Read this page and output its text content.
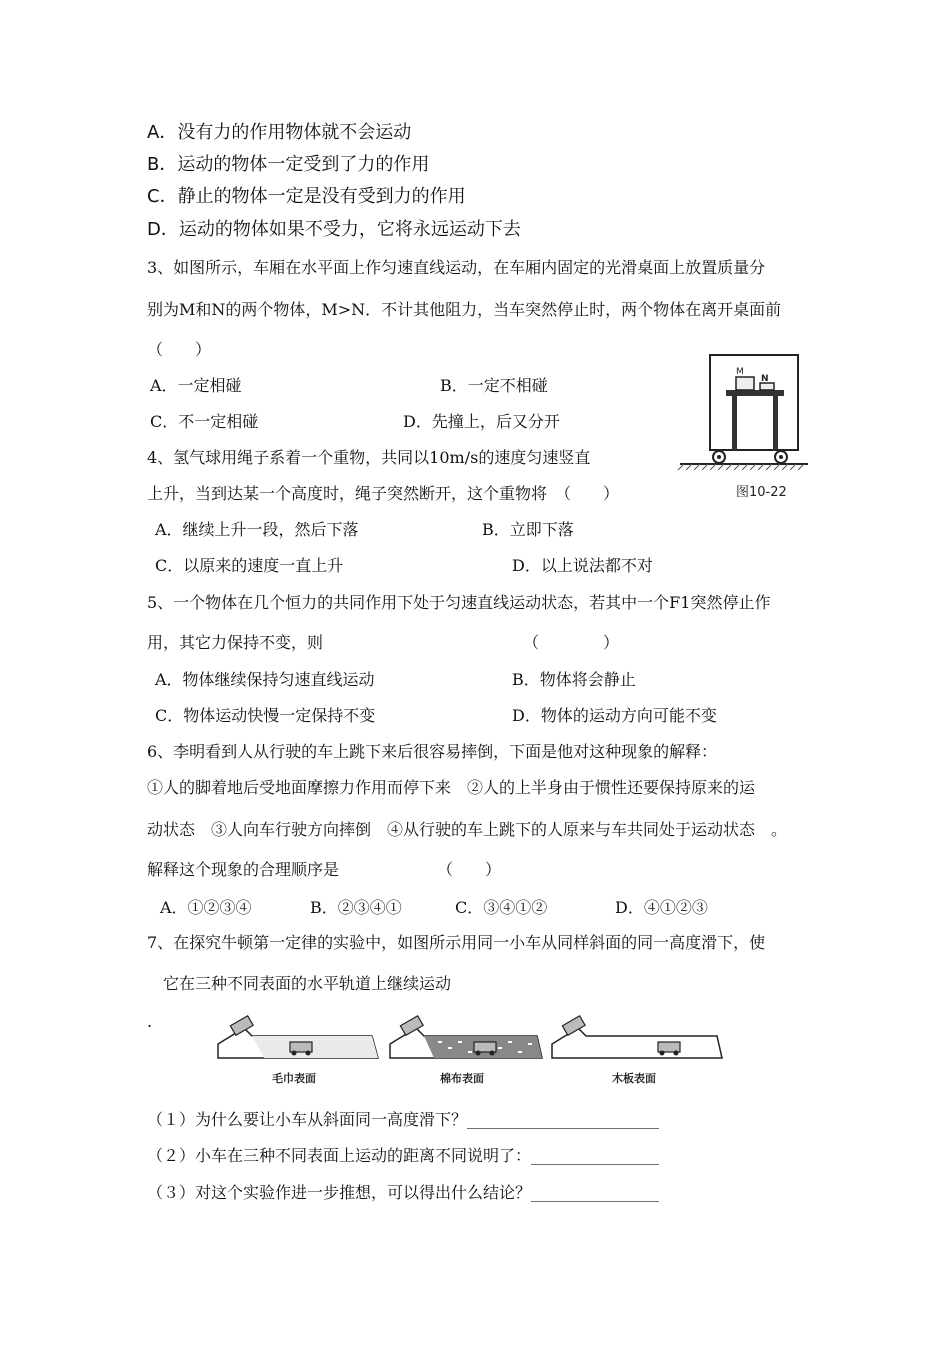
A．没有力的作用物体就不会运动
B．运动的物体一定受到了力的作用
C．静止的物体一定是没有受到力的作用
D．运动的物体如果不受力，它将永远运动下去
3、如图所示，车厢在水平面上作匀速直线运动，在车厢内固定的光滑桌面上放置质量分
别为M和N的两个物体，M>N．不计其他阻力，当车突然停止时，两个物体在离开桌面前
（　　）
A．一定相碰	B．一定不相碰
C．不一定相碰	D．先撞上，后又分开
M
N
图10-22
4、氢气球用绳子系着一个重物，共同以10m/s的速度匀速竖直
上升，当到达某一个高度时，绳子突然断开，这个重物将　（　　）
A．继续上升一段，然后下落	B．立即下落
C．以原来的速度一直上升	D．以上说法都不对
5、一个物体在几个恒力的共同作用下处于匀速直线运动状态，若其中一个F1突然停止作
用，其它力保持不变，则	（　　　　）
A．物体继续保持匀速直线运动	B．物体将会静止
C．物体运动快慢一定保持不变	D．物体的运动方向可能不变
6、李明看到人从行驶的车上跳下来后很容易摔倒，下面是他对这种现象的解释：
①人的脚着地后受地面摩擦力作用而停下来　②人的上半身由于惯性还要保持原来的运
动状态　③人向车行驶方向摔倒　④从行驶的车上跳下的人原来与车共同处于运动状态　。
解释这个现象的合理顺序是	（　　）
A．①②③④	B．②③④①	C．③④①②	D．④①②③
7、在探究牛顿第一定律的实验中，如图所示用同一小车从同样斜面的同一高度滑下，使
它在三种不同表面的水平轨道上继续运动
.
毛巾表面	棉布表面	木板表面
（１）为什么要让小车从斜面同一高度滑下？________________________
（２）小车在三种不同表面上运动的距离不同说明了：________________
（３）对这个实验作进一步推想，可以得出什么结论？________________
